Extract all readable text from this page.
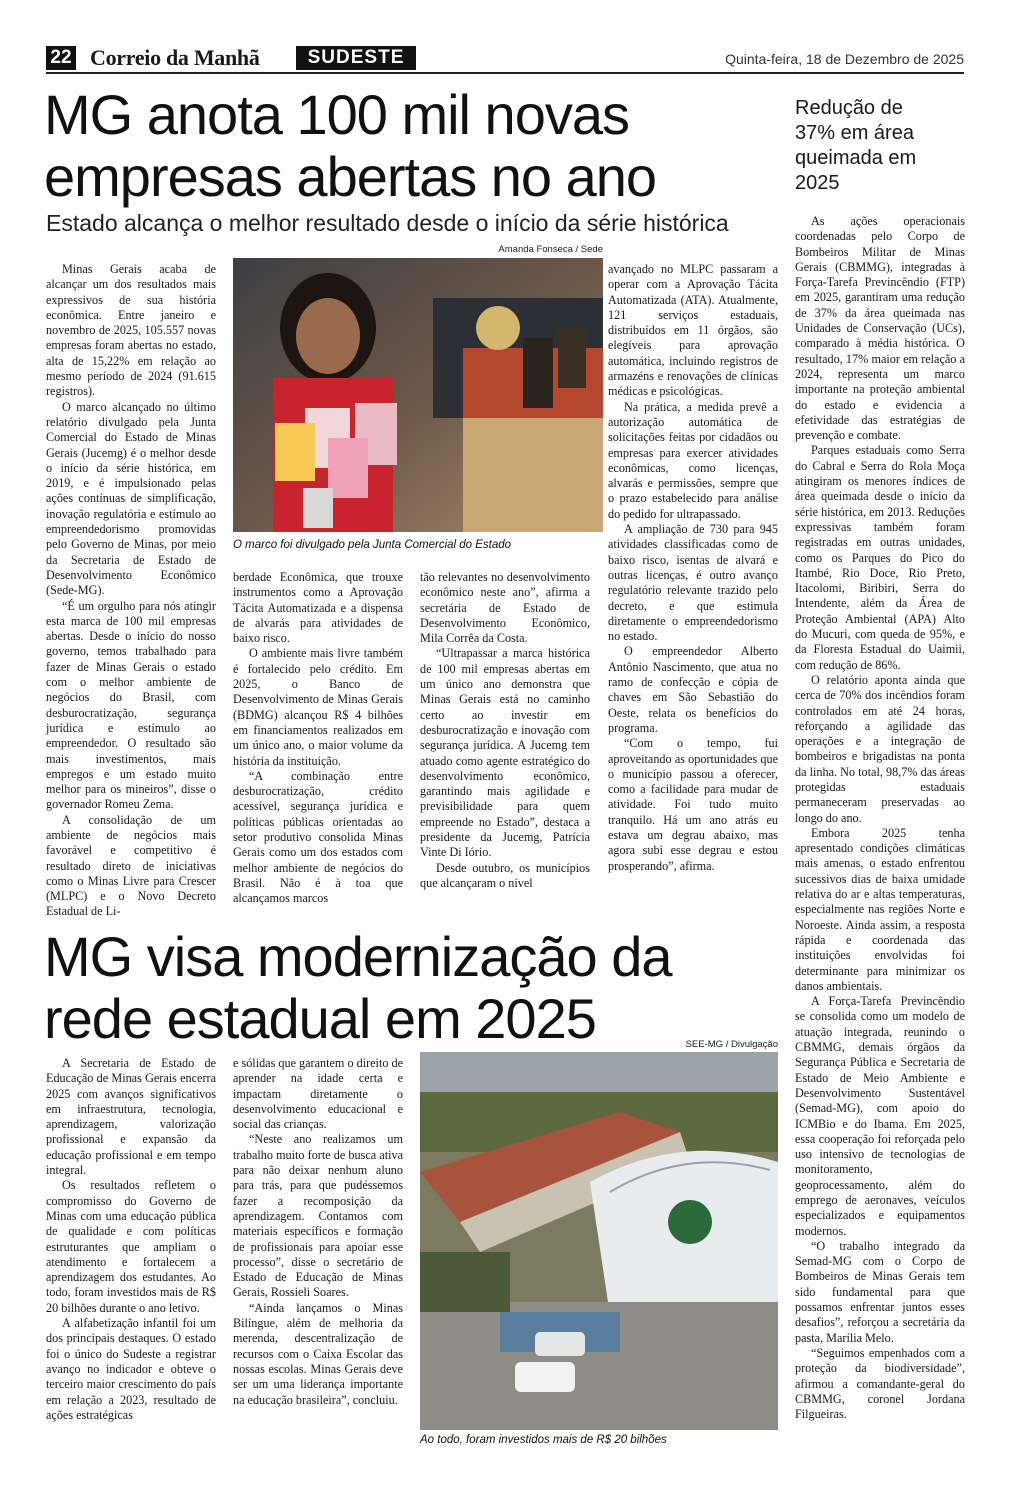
22 Correio da Manhã	SUDESTE	Quinta-feira, 18 de Dezembro de 2025
MG anota 100 mil novas
empresas abertas no ano
Estado alcança o melhor resultado desde o início da série histórica
Redução de 37% em área queimada em 2025
Amanda Fonseca / Sede
O marco foi divulgado pela Junta Comercial do Estado

Minas Gerais acaba de alcançar um dos resultados mais expressivos de sua história econômica. Entre janeiro e novembro de 2025, 105.557 novas empresas foram abertas no estado, alta de 15,22% em relação ao mesmo período de 2024 (91.615 registros).

O marco alcançado no último relatório divulgado pela Junta Comercial do Estado de Minas Gerais (Jucemg) é o melhor desde o início da série histórica, em 2019, e é impulsionado pelas ações contínuas de simplificação, inovação regulatória e estímulo ao empreendedorismo promovidas pelo Governo de Minas, por meio da Secretaria de Estado de Desenvolvimento Econômico (Sede-MG).

“É um orgulho para nós atingir esta marca de 100 mil empresas abertas. Desde o início do nosso governo, temos trabalhado para fazer de Minas Gerais o estado com o melhor ambiente de negócios do Brasil, com desburocratização, segurança jurídica e estímulo ao empreendedor. O resultado são mais investimentos, mais empregos e um estado muito melhor para os mineiros”, disse o governador Romeu Zema.

A consolidação de um ambiente de negócios mais favorável e competitivo é resultado direto de iniciativas como o Minas Livre para Crescer (MLPC) e o Novo Decreto Estadual de Li-

berdade Econômica, que trouxe instrumentos como a Aprovação Tácita Automatizada e a dispensa de alvarás para atividades de baixo risco.

O ambiente mais livre também é fortalecido pelo crédito. Em 2025, o Banco de Desenvolvimento de Minas Gerais (BDMG) alcançou R$ 4 bilhões em financiamentos realizados em um único ano, o maior volume da história da instituição.

“A combinação entre desburocratização, crédito acessível, segurança jurídica e políticas públicas orientadas ao setor produtivo consolida Minas Gerais como um dos estados com melhor ambiente de negócios do Brasil. Não é à toa que alcançamos marcos

tão relevantes no desenvolvimento econômico neste ano”, afirma a secretária de Estado de Desenvolvimento Econômico, Mila Corrêa da Costa.

“Ultrapassar a marca histórica de 100 mil empresas abertas em um único ano demonstra que Minas Gerais está no caminho certo ao investir em desburocratização e inovação com segurança jurídica. A Jucemg tem atuado como agente estratégico do desenvolvimento econômico, garantindo mais agilidade e previsibilidade para quem empreende no Estado”, destaca a presidente da Jucemg, Patrícia Vinte Di Iório.

Desde outubro, os municípios que alcançaram o nível

avançado no MLPC passaram a operar com a Aprovação Tácita Automatizada (ATA). Atualmente, 121 serviços estaduais, distribuídos em 11 órgãos, são elegíveis para aprovação automática, incluindo registros de armazéns e renovações de clínicas médicas e psicológicas.

Na prática, a medida prevê a autorização automática de solicitações feitas por cidadãos ou empresas para exercer atividades econômicas, como licenças, alvarás e permissões, sempre que o prazo estabelecido para análise do pedido for ultrapassado.

A ampliação de 730 para 945 atividades classificadas como de baixo risco, isentas de alvará e outras licenças, é outro avanço regulatório relevante trazido pelo decreto, e que estimula diretamente o empreendedorismo no estado.

O empreendedor Alberto Antônio Nascimento, que atua no ramo de confecção e cópia de chaves em São Sebastião do Oeste, relata os benefícios do programa.

“Com o tempo, fui aproveitando as oportunidades que o município passou a oferecer, como a facilidade para mudar de atividade. Foi tudo muito tranquilo. Há um ano atrás eu estava um degrau abaixo, mas agora subi esse degrau e estou prosperando”, afirma.

As ações operacionais coordenadas pelo Corpo de Bombeiros Militar de Minas Gerais (CBMMG), integradas à Força-Tarefa Previncêndio (FTP) em 2025, garantiram uma redução de 37% da área queimada nas Unidades de Conservação (UCs), comparado à média histórica. O resultado, 17% maior em relação a 2024, representa um marco importante na proteção ambiental do estado e evidencia a efetividade das estratégias de prevenção e combate.

Parques estaduais como Serra do Cabral e Serra do Rola Moça atingiram os menores índices de área queimada desde o início da série histórica, em 2013. Reduções expressivas também foram registradas em outras unidades, como os Parques do Pico do Itambé, Rio Doce, Rio Preto, Itacolomi, Biribiri, Serra do Intendente, além da Área de Proteção Ambiental (APA) Alto do Mucuri, com queda de 95%, e da Floresta Estadual do Uaimii, com redução de 86%.

O relatório aponta ainda que cerca de 70% dos incêndios foram controlados em até 24 horas, reforçando a agilidade das operações e a integração de bombeiros e brigadistas na ponta da linha. No total, 98,7% das áreas protegidas estaduais permaneceram preservadas ao longo do ano.

Embora 2025 tenha apresentado condições climáticas mais amenas, o estado enfrentou sucessivos dias de baixa umidade relativa do ar e altas temperaturas, especialmente nas regiões Norte e Noroeste. Ainda assim, a resposta rápida e coordenada das instituições envolvidas foi determinante para minimizar os danos ambientais.

A Força-Tarefa Previncêndio se consolida como um modelo de atuação integrada, reunindo o CBMMG, demais órgãos da Segurança Pública e Secretaria de Estado de Meio Ambiente e Desenvolvimento Sustentável (Semad-MG), com apoio do ICMBio e do Ibama. Em 2025, essa cooperação foi reforçada pelo uso intensivo de tecnologias de monitoramento, geoprocessamento, além do emprego de aeronaves, veículos especializados e equipamentos modernos.

“O trabalho integrado da Semad-MG com o Corpo de Bombeiros de Minas Gerais tem sido fundamental para que possamos enfrentar juntos esses desafios”, reforçou a secretária da pasta, Marília Melo.

“Seguimos empenhados com a proteção da biodiversidade”, afirmou a comandante-geral do CBMMG, coronel Jordana Filgueiras.

MG visa modernização da
rede estadual em 2025	SEE-MG / Divulgação
Ao todo, foram investidos mais de R$ 20 bilhões

A Secretaria de Estado de Educação de Minas Gerais encerra 2025 com avanços significativos em infraestrutura, tecnologia, aprendizagem, valorização profissional e expansão da educação profissional e em tempo integral.

Os resultados refletem o compromisso do Governo de Minas com uma educação pública de qualidade e com políticas estruturantes que ampliam o atendimento e fortalecem a aprendizagem dos estudantes. Ao todo, foram investidos mais de R$ 20 bilhões durante o ano letivo.

A alfabetização infantil foi um dos principais destaques. O estado foi o único do Sudeste a registrar avanço no indicador e obteve o terceiro maior crescimento do país em relação a 2023, resultado de ações estratégicas

e sólidas que garantem o direito de aprender na idade certa e impactam diretamente o desenvolvimento educacional e social das crianças.

“Neste ano realizamos um trabalho muito forte de busca ativa para não deixar nenhum aluno para trás, para que pudéssemos fazer a recomposição da aprendizagem. Contamos com materiais específicos e formação de profissionais para apoiar esse processo”, disse o secretário de Estado de Educação de Minas Gerais, Rossieli Soares.

“Ainda lançamos o Minas Bilíngue, além de melhoria da merenda, descentralização de recursos com o Caixa Escolar das nossas escolas. Minas Gerais deve ser um uma liderança importante na educação brasileira”, concluiu.
